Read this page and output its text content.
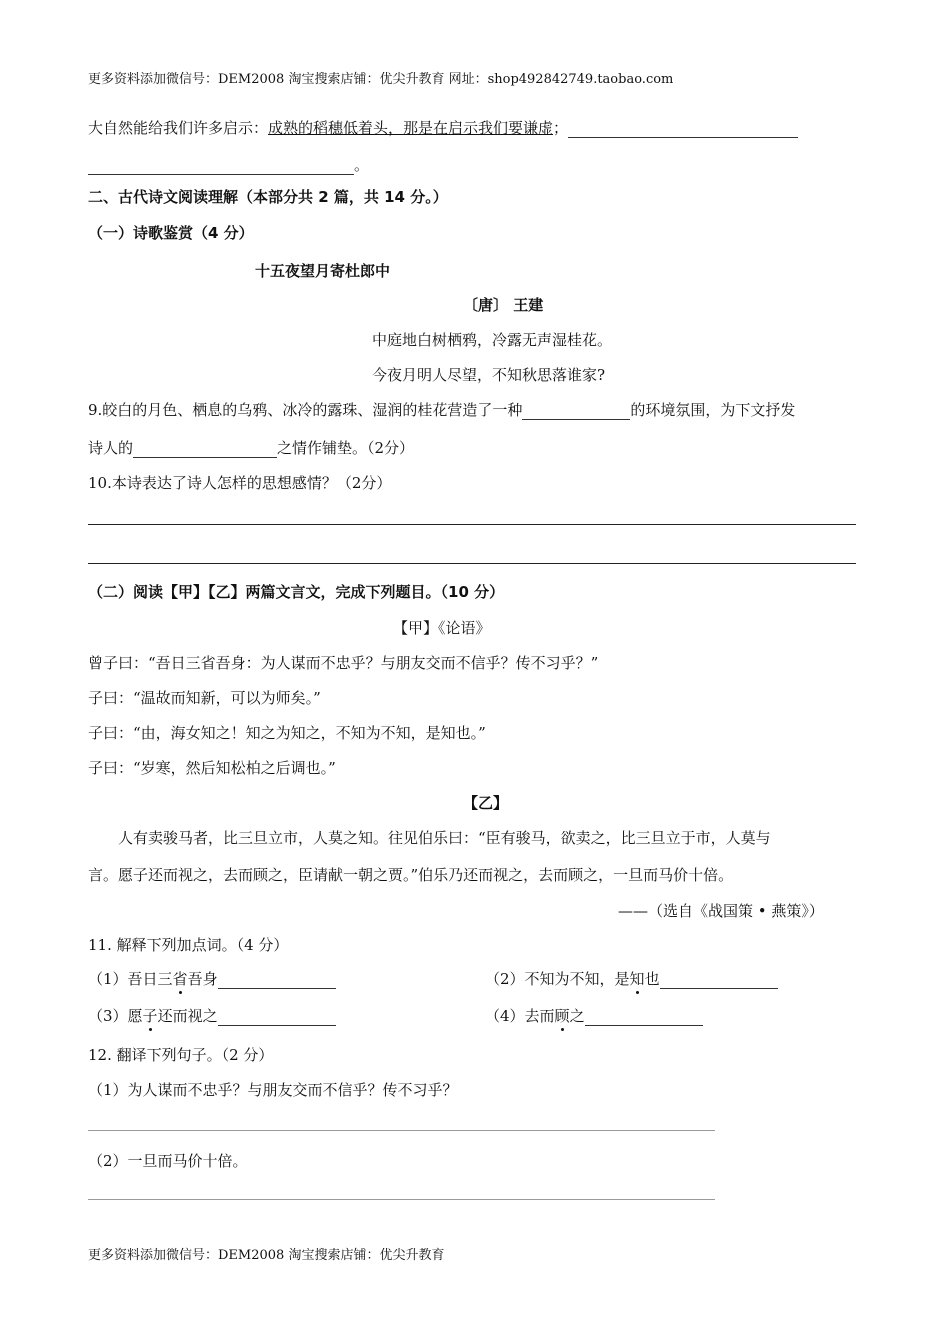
更多资料添加微信号：DEM2008 淘宝搜索店铺：优尖升教育 网址：shop492842749.taobao.com
大自然能给我们许多启示：成熟的稻穗低着头，那是在启示我们要谦虚；
。
二、古代诗文阅读理解（本部分共 2 篇，共 14 分。）
（一）诗歌鉴赏（4 分）
十五夜望月寄杜郎中
〔唐〕 王建
中庭地白树栖鸦，冷露无声湿桂花。
今夜月明人尽望，不知秋思落谁家?
9.皎白的月色、栖息的乌鸦、冰冷的露珠、湿润的桂花营造了一种	的环境氛围，为下文抒发
诗人的	之情作铺垫。（2分）
10.本诗表达了诗人怎样的思想感情？（2分）
（二）阅读【甲】【乙】两篇文言文，完成下列题目。（10 分）
【甲】《论语》
曾子曰：“吾日三省吾身：为人谋而不忠乎？与朋友交而不信乎？传不习乎？”
子曰：“温故而知新，可以为师矣。”
子曰：“由，海女知之！知之为知之，不知为不知，是知也。”
子曰：“岁寒，然后知松柏之后调也。”
【乙】
人有卖骏马者，比三旦立市，人莫之知。往见伯乐曰：“臣有骏马，欲卖之，比三旦立于市，人莫与
言。愿子还而视之，去而顾之，臣请献一朝之贾。”伯乐乃还而视之，去而顾之，一旦而马价十倍。
——（选自《战国策 • 燕策》）
11. 解释下列加点词。（4 分）
（1）吾日三省吾身	（2）不知为不知，是知也
（3）愿子还而视之	（4）去而顾之
12. 翻译下列句子。（2 分）
（1）为人谋而不忠乎？与朋友交而不信乎？传不习乎？
（2）一旦而马价十倍。
更多资料添加微信号：DEM2008 淘宝搜索店铺：优尖升教育
